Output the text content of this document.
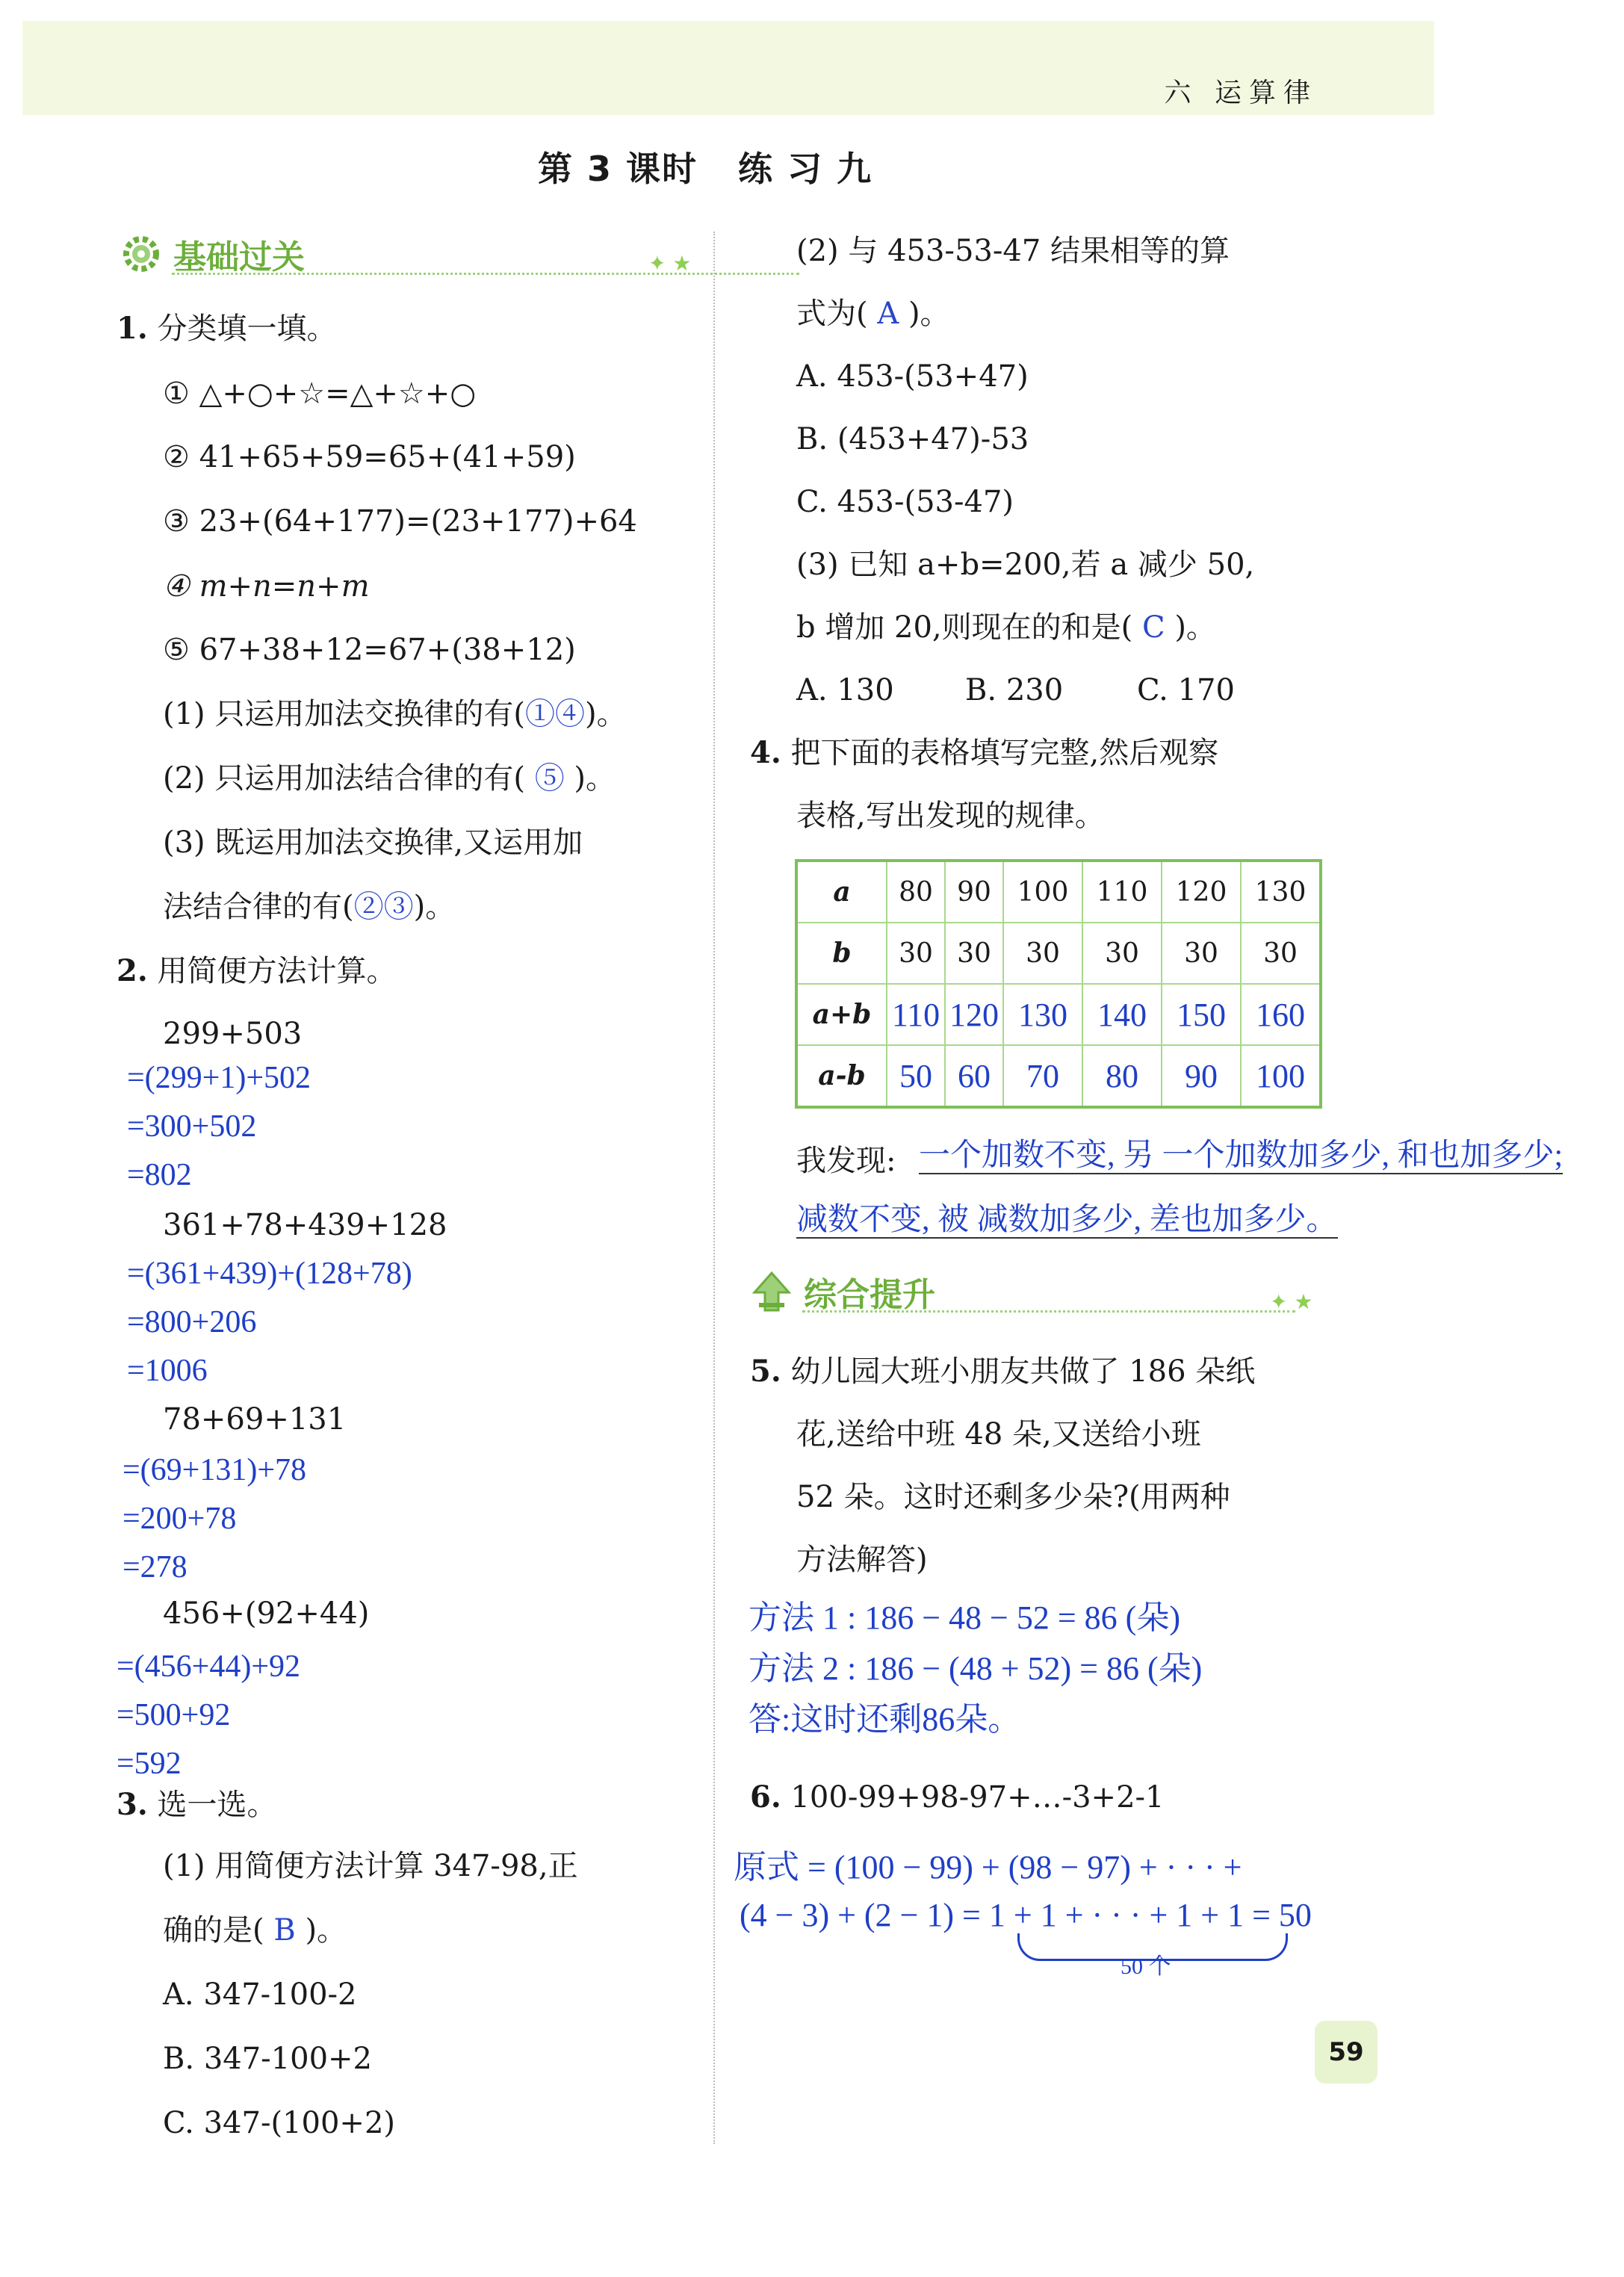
六 运算律
第 3 课时 练 习 九
基础过关	✦ ★
1. 分类填一填。
① △+○+☆=△+☆+○
② 41+65+59=65+(41+59)
③ 23+(64+177)=(23+177)+64
④ m+n=n+m
⑤ 67+38+12=67+(38+12)
(1) 只运用加法交换律的有(①④)。
(2) 只运用加法结合律的有( ⑤ )。
(3) 既运用加法交换律,又运用加
法结合律的有(②③)。
2. 用简便方法计算。
299+503
=(299+1)+502
=300+502
=802
361+78+439+128
=(361+439)+(128+78)
=800+206
=1006
78+69+131
=(69+131)+78
=200+78
=278
456+(92+44)
=(456+44)+92
=500+92
=592
3. 选一选。
(1) 用简便方法计算 347-98,正
确的是( B )。
A. 347-100-2
B. 347-100+2
C. 347-(100+2)
(2) 与 453-53-47 结果相等的算
式为( A )。
A. 453-(53+47)
B. (453+47)-53
C. 453-(53-47)
(3) 已知 a+b=200,若 a 减少 50,
b 增加 20,则现在的和是( C )。
A. 130 B. 230 C. 170
4. 把下面的表格填写完整,然后观察
表格,写出发现的规律。
a	80	90	100	110	120	130
b	30	30	30	30	30	30
a+b	110	120	130	140	150	160
a-b	50	60	70	80	90	100
我发现: 一个加数不变, 另 一个加数加多少, 和也加多少;
减数不变, 被 减数加多少, 差也加多少。
综合提升	✦ ★
5. 幼儿园大班小朋友共做了 186 朵纸
花,送给中班 48 朵,又送给小班
52 朵。这时还剩多少朵?(用两种
方法解答)
方法 1 : 186 − 48 − 52 = 86 (朵)
方法 2 : 186 − (48 + 52) = 86 (朵)
答:这时还剩86朵。
6. 100-99+98-97+…-3+2-1
原式 = (100 − 99) + (98 − 97) + · · · +
(4 − 3) + (2 − 1) = 1 + 1 + · · · + 1 + 1 = 50
50 个
59
